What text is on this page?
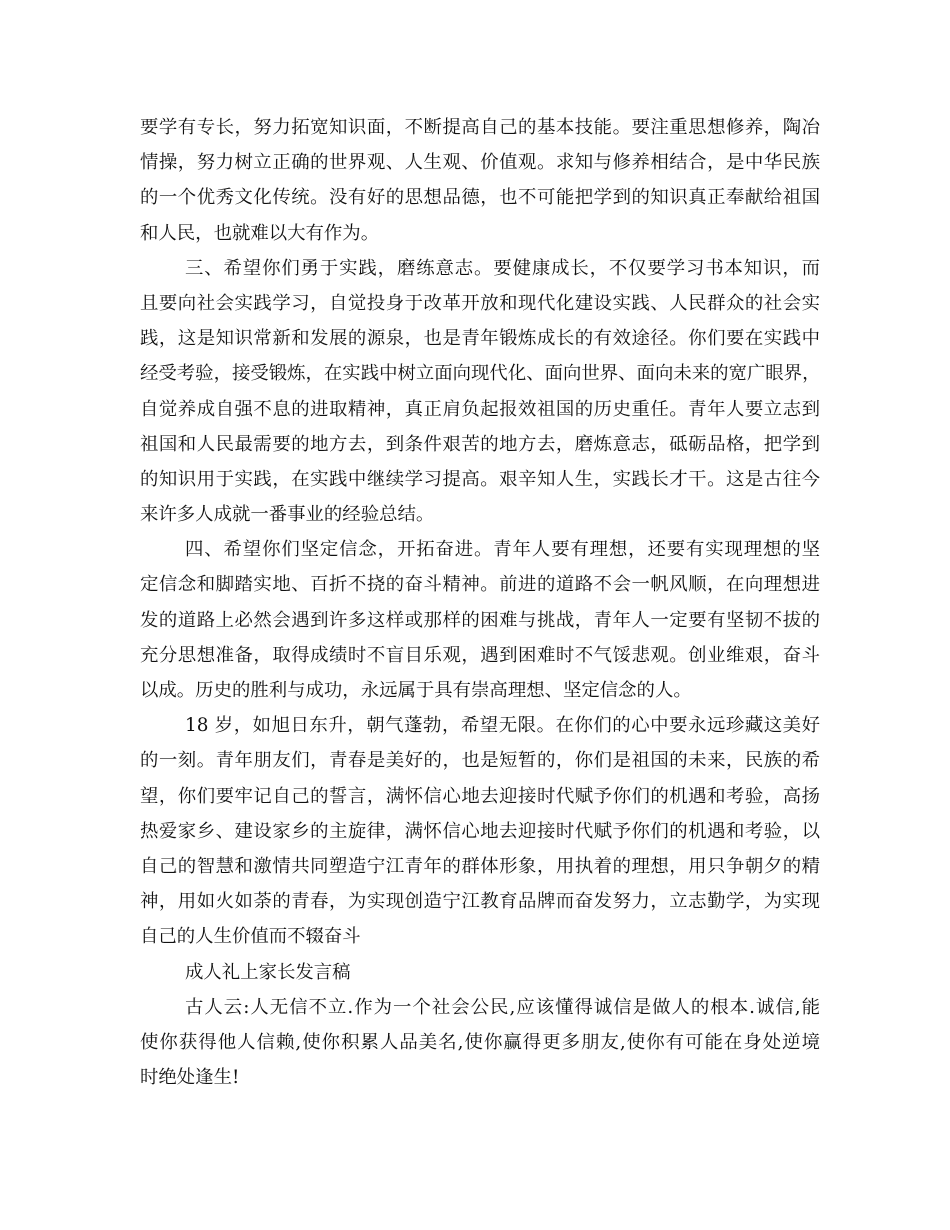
要学有专长，努力拓宽知识面，不断提高自己的基本技能。要注重思想修养，陶冶
情操，努力树立正确的世界观、人生观、价值观。求知与修养相结合，是中华民族
的一个优秀文化传统。没有好的思想品德，也不可能把学到的知识真正奉献给祖国
和人民，也就难以大有作为。
三、希望你们勇于实践，磨练意志。要健康成长，不仅要学习书本知识，而
且要向社会实践学习，自觉投身于改革开放和现代化建设实践、人民群众的社会实
践，这是知识常新和发展的源泉，也是青年锻炼成长的有效途径。你们要在实践中
经受考验，接受锻炼，在实践中树立面向现代化、面向世界、面向未来的宽广眼界，
自觉养成自强不息的进取精神，真正肩负起报效祖国的历史重任。青年人要立志到
祖国和人民最需要的地方去，到条件艰苦的地方去，磨炼意志，砥砺品格，把学到
的知识用于实践，在实践中继续学习提高。艰辛知人生，实践长才干。这是古往今
来许多人成就一番事业的经验总结。
四、希望你们坚定信念，开拓奋进。青年人要有理想，还要有实现理想的坚
定信念和脚踏实地、百折不挠的奋斗精神。前进的道路不会一帆风顺，在向理想进
发的道路上必然会遇到许多这样或那样的困难与挑战，青年人一定要有坚韧不拔的
充分思想准备，取得成绩时不盲目乐观，遇到困难时不气馁悲观。创业维艰，奋斗
以成。历史的胜利与成功，永远属于具有崇高理想、坚定信念的人。
18 岁，如旭日东升，朝气蓬勃，希望无限。在你们的心中要永远珍藏这美好
的一刻。青年朋友们，青春是美好的，也是短暂的，你们是祖国的未来，民族的希
望，你们要牢记自己的誓言，满怀信心地去迎接时代赋予你们的机遇和考验，高扬
热爱家乡、建设家乡的主旋律，满怀信心地去迎接时代赋予你们的机遇和考验，以
自己的智慧和激情共同塑造宁江青年的群体形象，用执着的理想，用只争朝夕的精
神，用如火如荼的青春，为实现创造宁江教育品牌而奋发努力，立志勤学，为实现
自己的人生价值而不辍奋斗
成人礼上家长发言稿
古人云:人无信不立.作为一个社会公民,应该懂得诚信是做人的根本.诚信,能
使你获得他人信赖,使你积累人品美名,使你赢得更多朋友,使你有可能在身处逆境
时绝处逢生!
